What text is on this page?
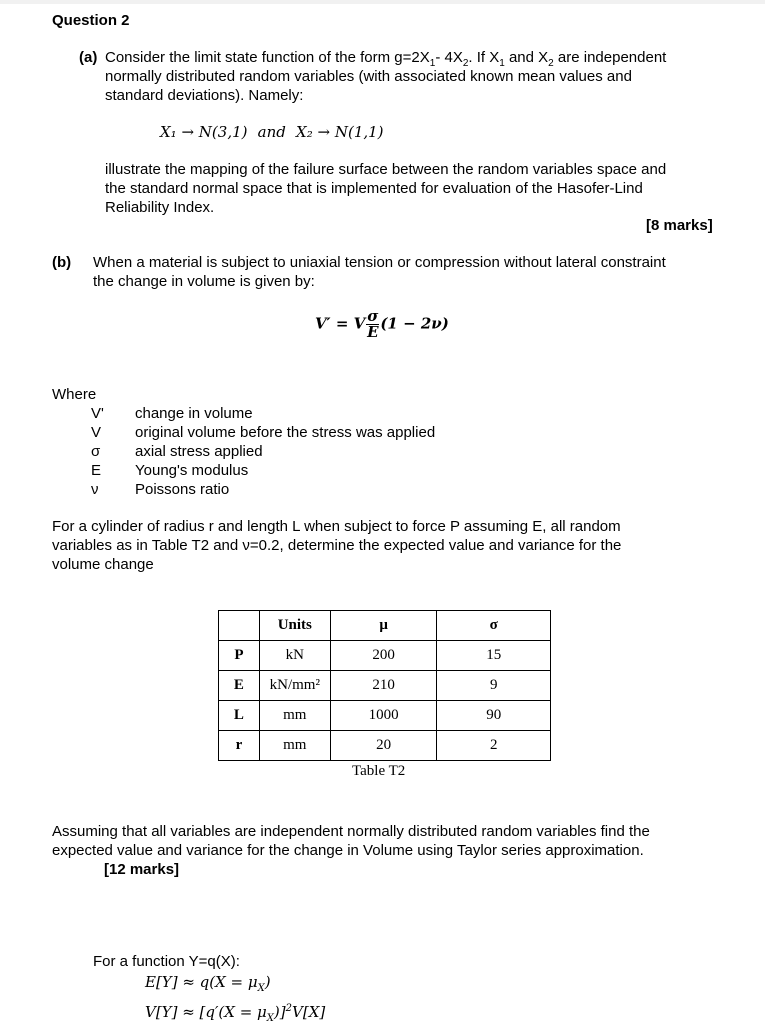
Question 2
(a) Consider the limit state function of the form $g=2X_1-$ $4X_2$. If $X_1$ and $X_2$ are independent
normally distributed random variables (with associated known mean values and
standard deviations). Namely:
X₁ → N(3,1) and X₂ → N(1,1)
illustrate the mapping of the failure surface between the random variables space and
the standard normal space that is implemented for evaluation of the Hasofer-Lind
Reliability Index.
[8 marks]
(b) When a material is subject to uniaxial tension or compression without lateral constraint
the change in volume is given by:
V′ = V $\frac{\sigma}{E} (1 - 2\nu)$
Where
V' change in volume
V original volume before the stress was applied
σ axial stress applied
E Young's modulus
ν Poissons ratio
For a cylinder of radius r and length L when subject to force P assuming E, all random
variables as in Table T2 and ν=0.2, determine the expected value and variance for the
volume change
	Units	μ	σ
P	kN	200	15
E	kN/mm²	210	9
L	mm	1000	90
r	mm	20	2
Table T2
Assuming that all variables are independent normally distributed random variables find the
expected value and variance for the change in Volume using Taylor series approximation.
[12 marks]
For a function Y=q(X):
$E[Y] \approx q(X = \mu_X)$
$V[Y] \approx [q'(X = \mu_X)]^2V[X]$
